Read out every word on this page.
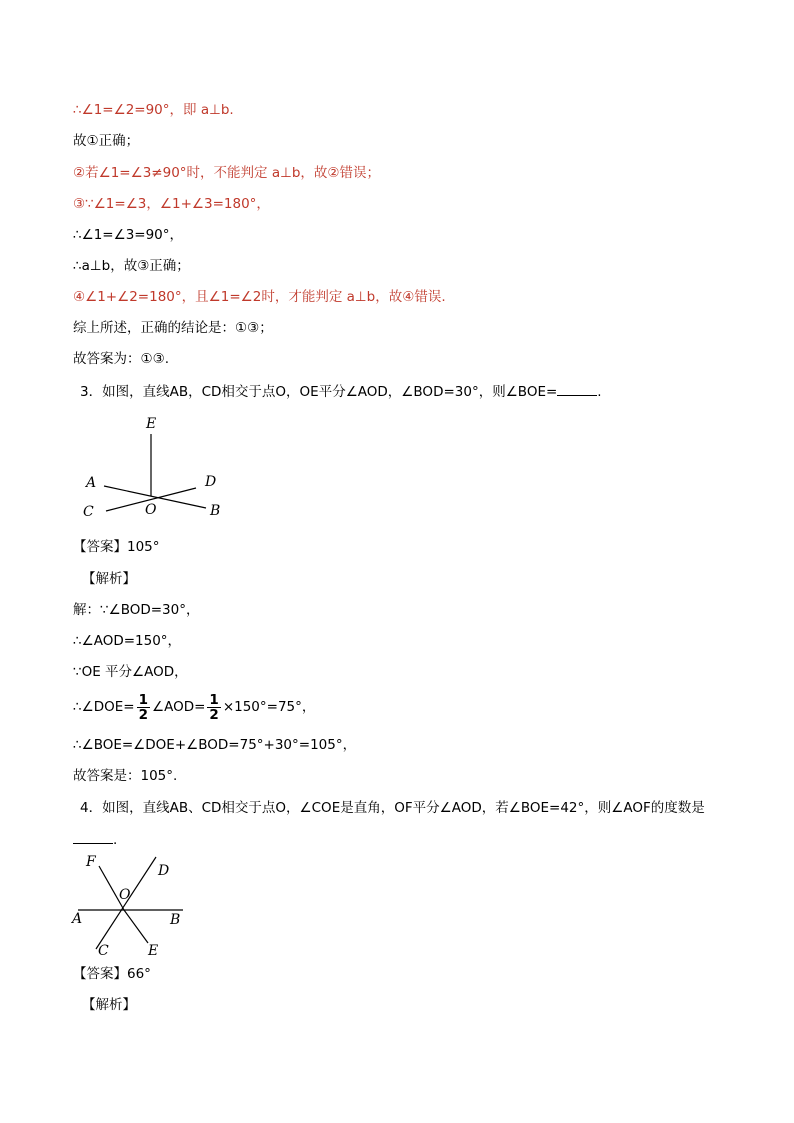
∴∠1=∠2=90°，即 a⊥b.
故①正确；
②若∠1=∠3≠90°时，不能判定 a⊥b，故②错误；
③∵∠1=∠3，∠1+∠3=180°，
∴∠1=∠3=90°，
∴a⊥b，故③正确；
④∠1+∠2=180°，且∠1=∠2时，才能判定 a⊥b，故④错误.
综上所述，正确的结论是：①③；
故答案为：①③.
3．如图，直线AB，CD相交于点O，OE平分∠AOD，∠BOD=30°，则∠BOE=	.
E
A	D
C	O	B
【答案】105°
【解析】
解：∵∠BOD=30°，
∴∠AOD=150°，
∵OE 平分∠AOD，
∴∠DOE= $\frac{1}{2}$ ∠AOD= $\frac{1}{2} \times 150^\circ=75^\circ$，
∴∠BOE=∠DOE+∠BOD=75°+30°=105°，
故答案是：105°.
4．如图，直线AB、CD相交于点O，∠COE是直角，OF平分∠AOD，若∠BOE=42°，则∠AOF的度数是
.
F
D
O
A	B
C	E
【答案】66°
【解析】
